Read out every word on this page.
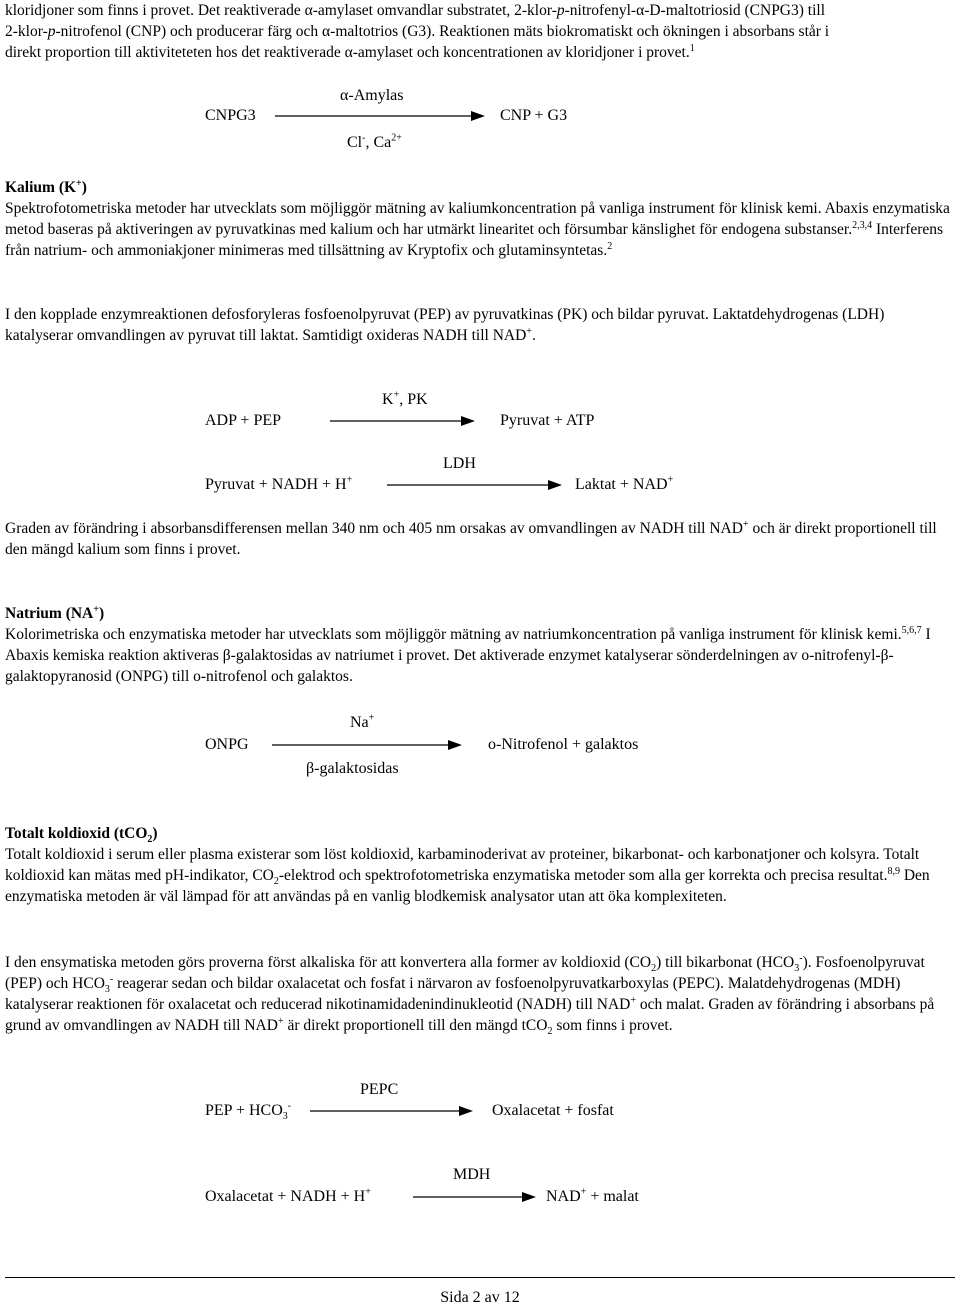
kloridjoner som finns i provet. Det reaktiverade α-amylaset omvandlar substratet, 2-klor-p-nitrofenyl-α-D-maltotriosid (CNPG3) till
2-klor-p-nitrofenol (CNP) och producerar färg och α-maltotrios (G3). Reaktionen mäts biokromatiskt och ökningen i absorbans står i
direkt proportion till aktiviteteten hos det reaktiverade α-amylaset och koncentrationen av kloridjoner i provet.$^1$

CNPG3
α-Amylas
CNP + G3
Cl-, $Ca^{2+}$

Kalium (K+)

Spektrofotometriska metoder har utvecklats som möjliggör mätning av kaliumkoncentration på vanliga instrument för klinisk kemi. Abaxis enzymatiska metod baseras på aktiveringen av pyruvatkinas med kalium och har utmärkt linearitet och försumbar känslighet för endogena substanser.$^{2,3,4}$ Interferens från natrium- och ammoniakjoner minimeras med tillsättning av Kryptofix och glutaminsyntetas.$^2$

I den kopplade enzymreaktionen defosforyleras fosfoenolpyruvat (PEP) av pyruvatkinas (PK) och bildar pyruvat. Laktatdehydrogenas (LDH) katalyserar omvandlingen av pyruvat till laktat. Samtidigt oxideras NADH till NAD+.

K+, PK
ADP + PEP	Pyruvat + ATP
LDH
Pyruvat + NADH + H+	Laktat + NAD+

Graden av förändring i absorbansdifferensen mellan 340 nm och 405 nm orsakas av omvandlingen av NADH till NAD+ och är direkt proportionell till den mängd kalium som finns i provet.

Natrium (NA+)

Kolorimetriska och enzymatiska metoder har utvecklats som möjliggör mätning av natriumkoncentration på vanliga instrument för klinisk kemi.$^{5,6,7}$ I Abaxis kemiska reaktion aktiveras β-galaktosidas av natriumet i provet. Det aktiverade enzymet katalyserar sönderdelningen av ο-nitrofenyl-β-galaktopyranosid (ONPG) till ο-nitrofenol och galaktos.

Na+
ONPG	ο-Nitrofenol + galaktos
β-galaktosidas

Totalt koldioxid (tCO$_2$)

Totalt koldioxid i serum eller plasma existerar som löst koldioxid, karbaminoderivat av proteiner, bikarbonat- och karbonatjoner och kolsyra. Totalt koldioxid kan mätas med pH-indikator, $CO_2$-elektrod och spektrofotometriska enzymatiska metoder som alla ger korrekta och precisa resultat.$^{8,9}$ Den enzymatiska metoden är väl lämpad för att användas på en vanlig blodkemisk analysator utan att öka komplexiteten.

I den ensymatiska metoden görs proverna först alkaliska för att konvertera alla former av koldioxid $(CO_2)$ till bikarbonat $(HCO_3^-)$. Fosfoenolpyruvat (PEP) och $HCO_3^-$ reagerar sedan och bildar oxalacetat och fosfat i närvaron av fosfoenolpyruvatkarboxylas (PEPC). Malatdehydrogenas (MDH) katalyserar reaktionen för oxalacetat och reducerad nikotinamidadenindinukleotid (NADH) till NAD+ och malat. Graden av förändring i absorbans på grund av omvandlingen av NADH till NAD+ är direkt proportionell till den mängd tCO$_2$ som finns i provet.

PEPC
PEP + $HCO_3^-$	Oxalacetat + fosfat
MDH
Oxalacetat + NADH + H+	NAD+ + malat
Sida 2 av 12
